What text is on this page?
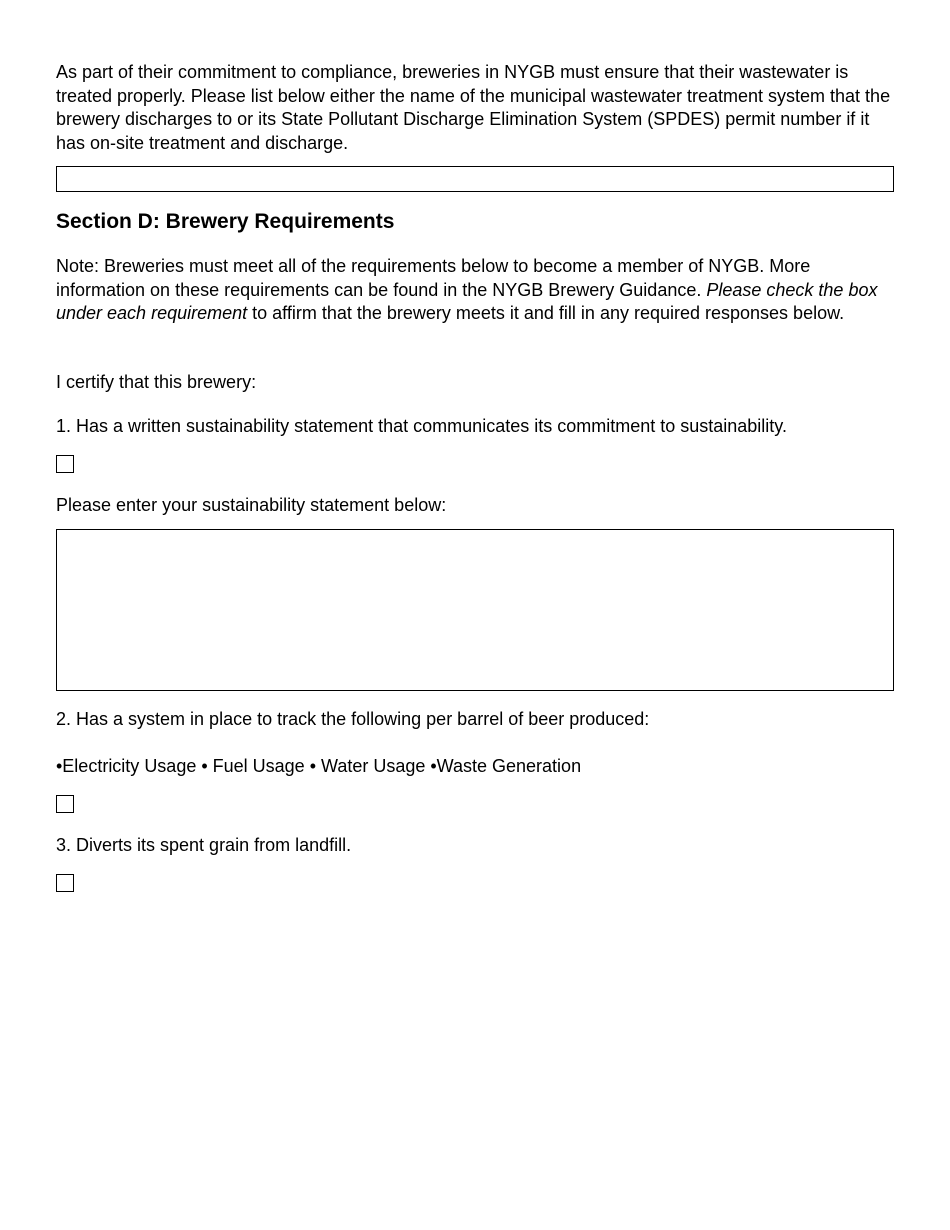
As part of their commitment to compliance, breweries in NYGB must ensure that their wastewater is treated properly. Please list below either the name of the municipal wastewater treatment system that the brewery discharges to or its State Pollutant Discharge Elimination System (SPDES) permit number if it has on-site treatment and discharge.

Section D: Brewery Requirements

Note: Breweries must meet all of the requirements below to become a member of NYGB. More information on these requirements can be found in the NYGB Brewery Guidance. Please check the box under each requirement to affirm that the brewery meets it and fill in any required responses below.

I certify that this brewery:

1. Has a written sustainability statement that communicates its commitment to sustainability.

Please enter your sustainability statement below:

2. Has a system in place to track the following per barrel of beer produced:

•Electricity Usage • Fuel Usage • Water Usage •Waste Generation

3. Diverts its spent grain from landfill.
